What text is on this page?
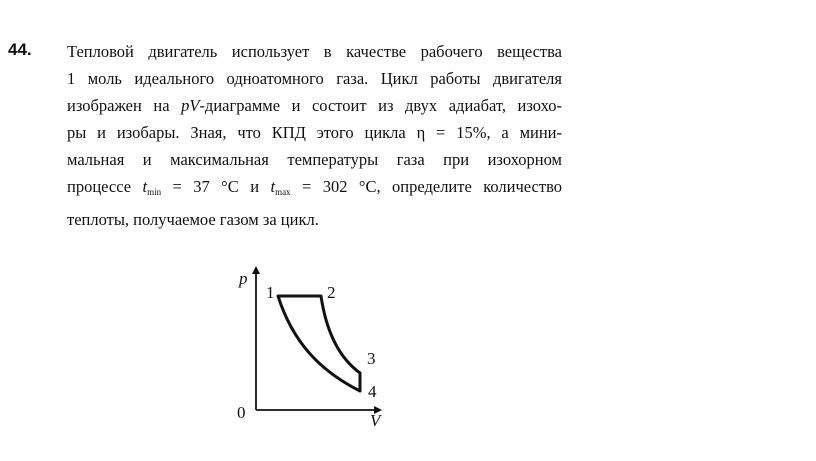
44. Тепловой двигатель использует в качестве рабочего вещества
1 моль идеального одноатомного газа. Цикл работы двигателя
изображен на pV-диаграмме и состоит из двух адиабат, изохо-
ры и изобары. Зная, что КПД этого цикла η = 15%, а мини-
мальная и максимальная температуры газа при изохорном
процессе $t_{min} = 37$ °C и $t_{max} = 302$ °C, определите количество
теплоты, получаемое газом за цикл.
p
V
0
1	2
3
4
